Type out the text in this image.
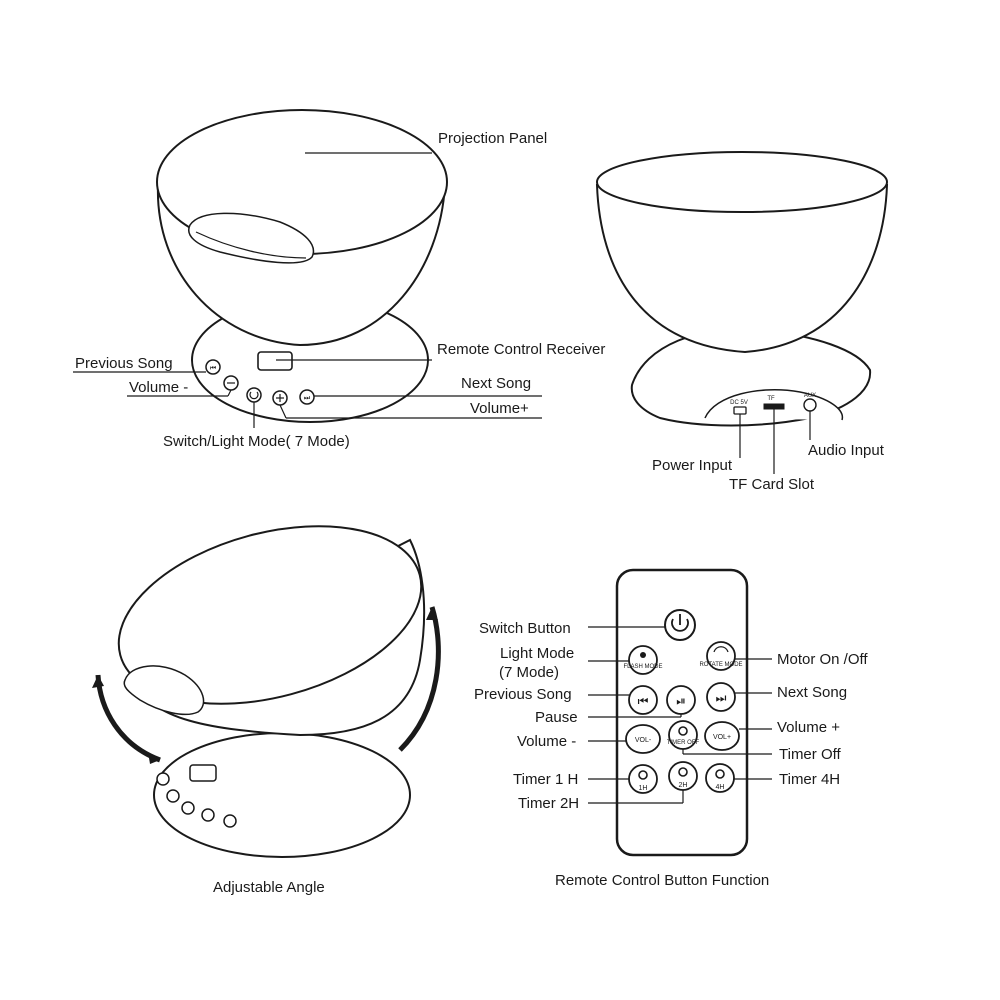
⏮
⏭
Projection Panel
Remote Control Receiver
Previous Song
Volume -	Next Song
Volume+
Switch/Light Mode( 7 Mode)
DC 5V
TF	AUX
Power Input
TF Card Slot
Audio Input
Adjustable Angle
FLASH MODE	ROTATE MODE
⏮ ⏯ ⏭
VOL-	TIMER OFF
VOL+
1H	2H	4H
Switch Button
Light Mode
(7 Mode)
Motor On /Off
Previous Song	Next Song
Pause
Volume +
Volume -
Timer Off
Timer 1 H	Timer 4H
Timer 2H
Remote Control Button Function
